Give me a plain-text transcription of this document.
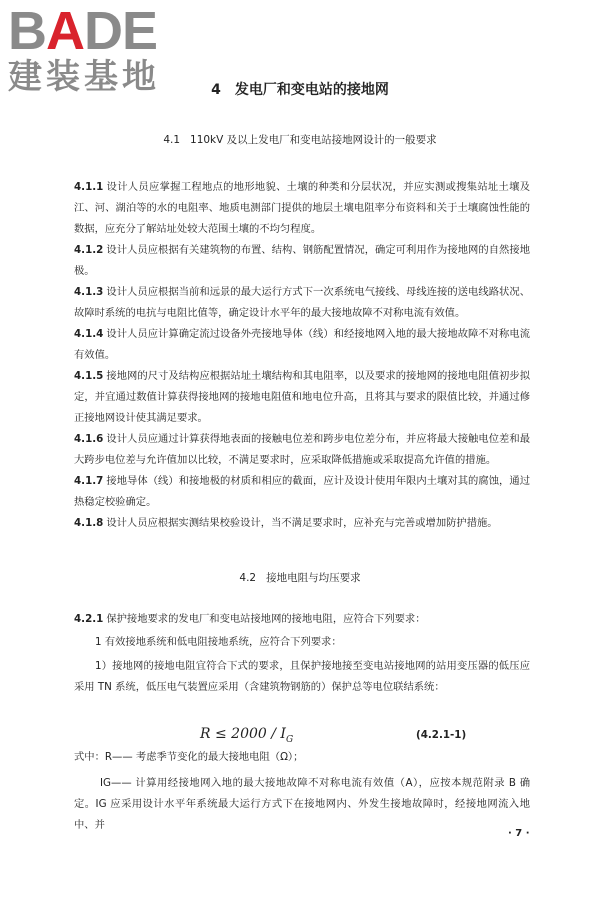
BADE
建装基地	4 发电厂和变电站的接地网
4.1 110kV 及以上发电厂和变电站接地网设计的一般要求
4.1.1 设计人员应掌握工程地点的地形地貌、土壤的种类和分层状况，并应实测或搜集站址土壤及江、河、湖泊等的水的电阻率、地质电测部门提供的地层土壤电阻率分布资料和关于土壤腐蚀性能的数据，应充分了解站址处较大范围土壤的不均匀程度。
4.1.2 设计人员应根据有关建筑物的布置、结构、钢筋配置情况，确定可利用作为接地网的自然接地极。
4.1.3 设计人员应根据当前和远景的最大运行方式下一次系统电气接线、母线连接的送电线路状况、故障时系统的电抗与电阻比值等，确定设计水平年的最大接地故障不对称电流有效值。
4.1.4 设计人员应计算确定流过设备外壳接地导体（线）和经接地网入地的最大接地故障不对称电流有效值。
4.1.5 接地网的尺寸及结构应根据站址土壤结构和其电阻率，以及要求的接地网的接地电阻值初步拟定，并宜通过数值计算获得接地网的接地电阻值和地电位升高，且将其与要求的限值比较，并通过修正接地网设计使其满足要求。
4.1.6 设计人员应通过计算获得地表面的接触电位差和跨步电位差分布，并应将最大接触电位差和最大跨步电位差与允许值加以比较，不满足要求时，应采取降低措施或采取提高允许值的措施。
4.1.7 接地导体（线）和接地极的材质和相应的截面，应计及设计使用年限内土壤对其的腐蚀，通过热稳定校验确定。
4.1.8 设计人员应根据实测结果校验设计，当不满足要求时，应补充与完善或增加防护措施。
4.2 接地电阻与均压要求
4.2.1 保护接地要求的发电厂和变电站接地网的接地电阻，应符合下列要求：
1 有效接地系统和低电阻接地系统，应符合下列要求：
1）接地网的接地电阻宜符合下式的要求，且保护接地接至变电站接地网的站用变压器的低压应采用 TN 系统，低压电气装置应采用（含建筑物钢筋的）保护总等电位联结系统：
$R \le 2000 / I_G$	(4.2.1-1)
式中：R—— 考虑季节变化的最大接地电阻（Ω）；
IG—— 计算用经接地网入地的最大接地故障不对称电流有效值（A），应按本规范附录 B 确定。IG 应采用设计水平年系统最大运行方式下在接地网内、外发生接地故障时，经接地网流入地中、并
· 7 ·
